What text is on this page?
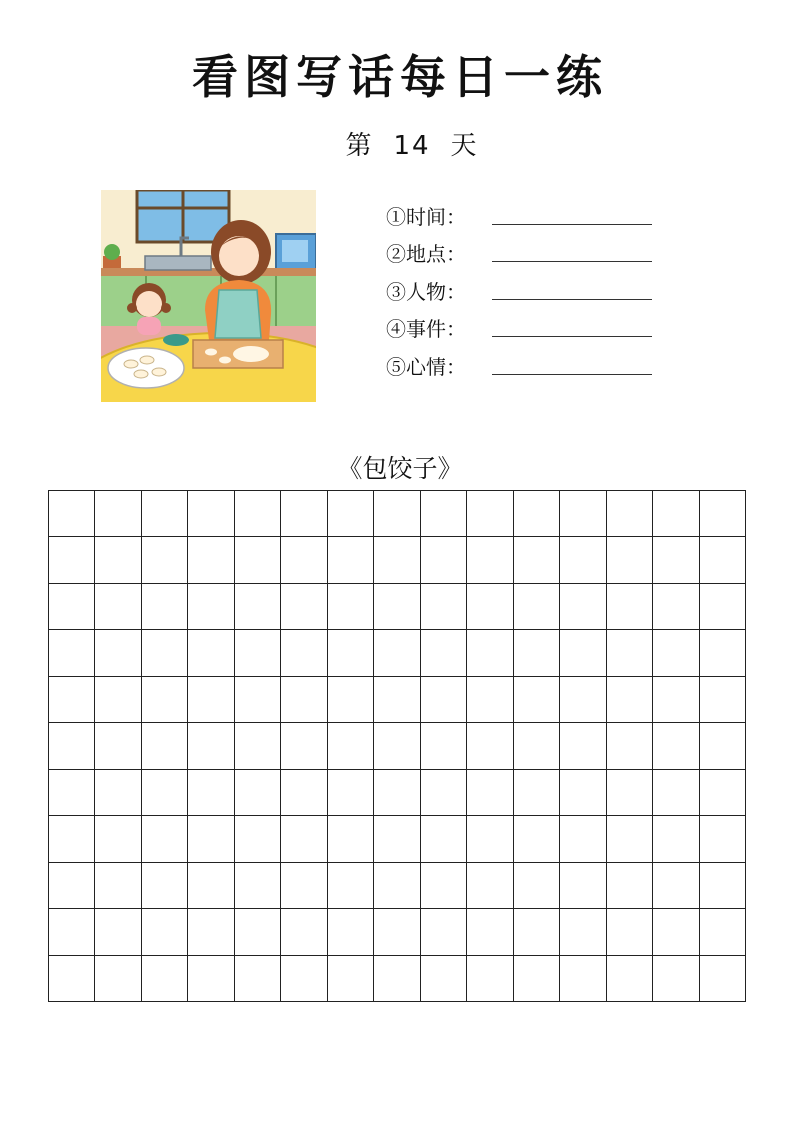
看图写话每日一练
第 14 天
①时间：
②地点：
③人物：
④事件：
⑤心情：
《包饺子》
